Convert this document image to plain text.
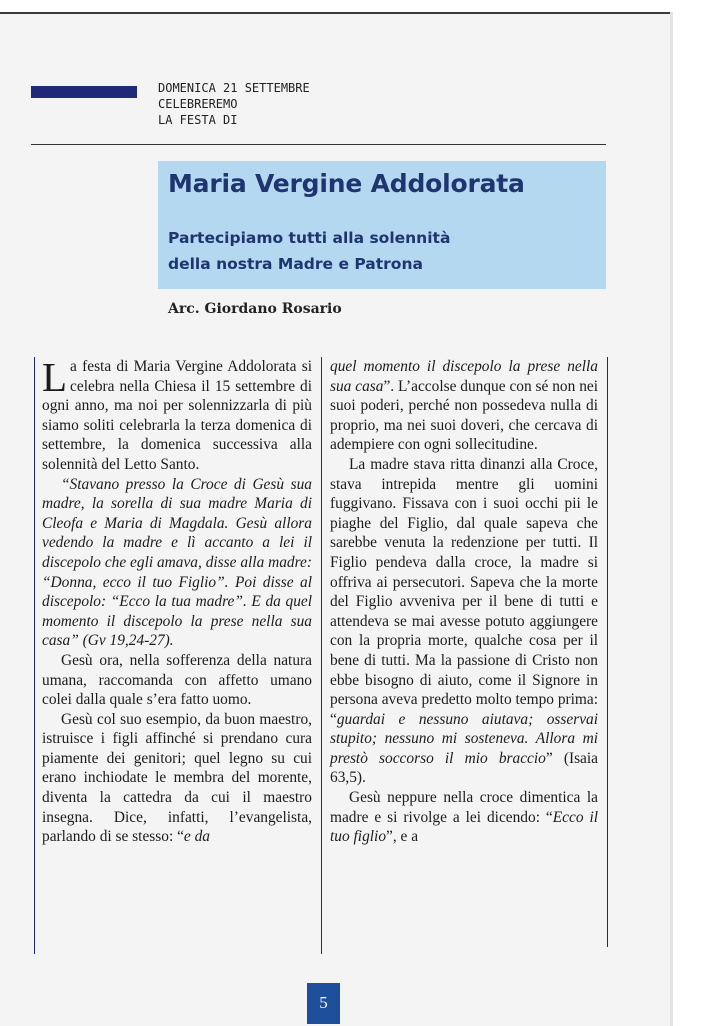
DOMENICA 21 SETTEMBRE
CELEBREREMO
LA FESTA DI
Maria Vergine Addolorata
Partecipiamo tutti alla solennità
della nostra Madre e Patrona
Arc. Giordano Rosario

La festa di Maria Vergine Addolorata si celebra nella Chiesa il 15 settembre di ogni anno, ma noi per solennizzarla di più siamo soliti celebrarla la terza domenica di settembre, la domenica successiva alla solennità del Letto Santo.

“Stavano presso la Croce di Gesù sua madre, la sorella di sua madre Maria di Cleofa e Maria di Magdala. Gesù allora vedendo la madre e lì accanto a lei il discepolo che egli amava, disse alla madre: “Donna, ecco il tuo Figlio”. Poi disse al discepolo: “Ecco la tua madre”. E da quel momento il discepolo la prese nella sua casa” (Gv 19,24-27).

Gesù ora, nella sofferenza della natura umana, raccomanda con affetto umano colei dalla quale s’era fatto uomo.

Gesù col suo esempio, da buon maestro, istruisce i figli affinché si prendano cura piamente dei genitori; quel legno su cui erano inchiodate le membra del morente, diventa la cattedra da cui il maestro insegna. Dice, infatti, l’evangelista, parlando di se stesso: “e da

quel momento il discepolo la prese nella sua casa”. L’accolse dunque con sé non nei suoi poderi, perché non possedeva nulla di proprio, ma nei suoi doveri, che cercava di adempiere con ogni sollecitudine.

La madre stava ritta dinanzi alla Croce, stava intrepida mentre gli uomini fuggivano. Fissava con i suoi occhi pii le piaghe del Figlio, dal quale sapeva che sarebbe venuta la redenzione per tutti. Il Figlio pendeva dalla croce, la madre si offriva ai persecutori. Sapeva che la morte del Figlio avveniva per il bene di tutti e attendeva se mai avesse potuto aggiungere con la propria morte, qualche cosa per il bene di tutti. Ma la passione di Cristo non ebbe bisogno di aiuto, come il Signore in persona aveva predetto molto tempo prima: “guardai e nessuno aiutava; osservai stupito; nessuno mi sosteneva. Allora mi prestò soccorso il mio braccio” (Isaia 63,5).

Gesù neppure nella croce dimentica la madre e si rivolge a lei dicendo: “Ecco il tuo figlio”, e a

5
